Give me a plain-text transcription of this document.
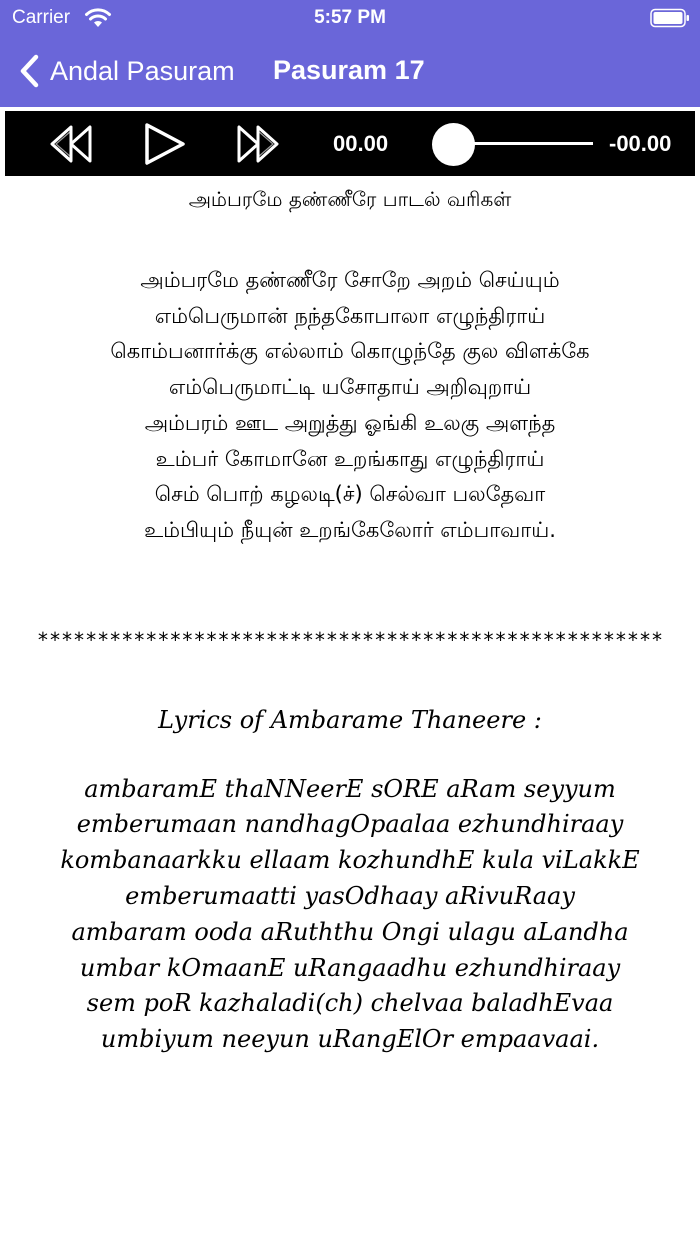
Carrier	5:57 PM
Andal Pasuram Pasuram 17
00.00	-00.00
அம்பரமே தண்ணீரே பாடல் வரிகள்
அம்பரமே தண்ணீரே சோறே அறம் செய்யும்
எம்பெருமான் நந்தகோபாலா எழுந்திராய்
கொம்பனார்க்கு எல்லாம் கொழுந்தே குல விளக்கே
எம்பெருமாட்டி யசோதாய் அறிவுறாய்
அம்பரம் ஊட அறுத்து ஓங்கி உலகு அளந்த
உம்பர் கோமானே உறங்காது எழுந்திராய்
செம் பொற் கழலடி(ச்) செல்வா பலதேவா
உம்பியும் நீயுன் உறங்கேலோர் எம்பாவாய்.
****************************************************
Lyrics of Ambarame Thaneere :
ambaramE thaNNeerE sORE aRam seyyum
emberumaan nandhagOpaalaa ezhundhiraay
kombanaarkku ellaam kozhundhE kula viLakkE
emberumaatti yasOdhaay aRivuRaay
ambaram ooda aRuththu Ongi ulagu aLandha
umbar kOmaanE uRangaadhu ezhundhiraay
sem poR kazhaladi(ch) chelvaa baladhEvaa
umbiyum neeyun uRangElOr empaavaai.
